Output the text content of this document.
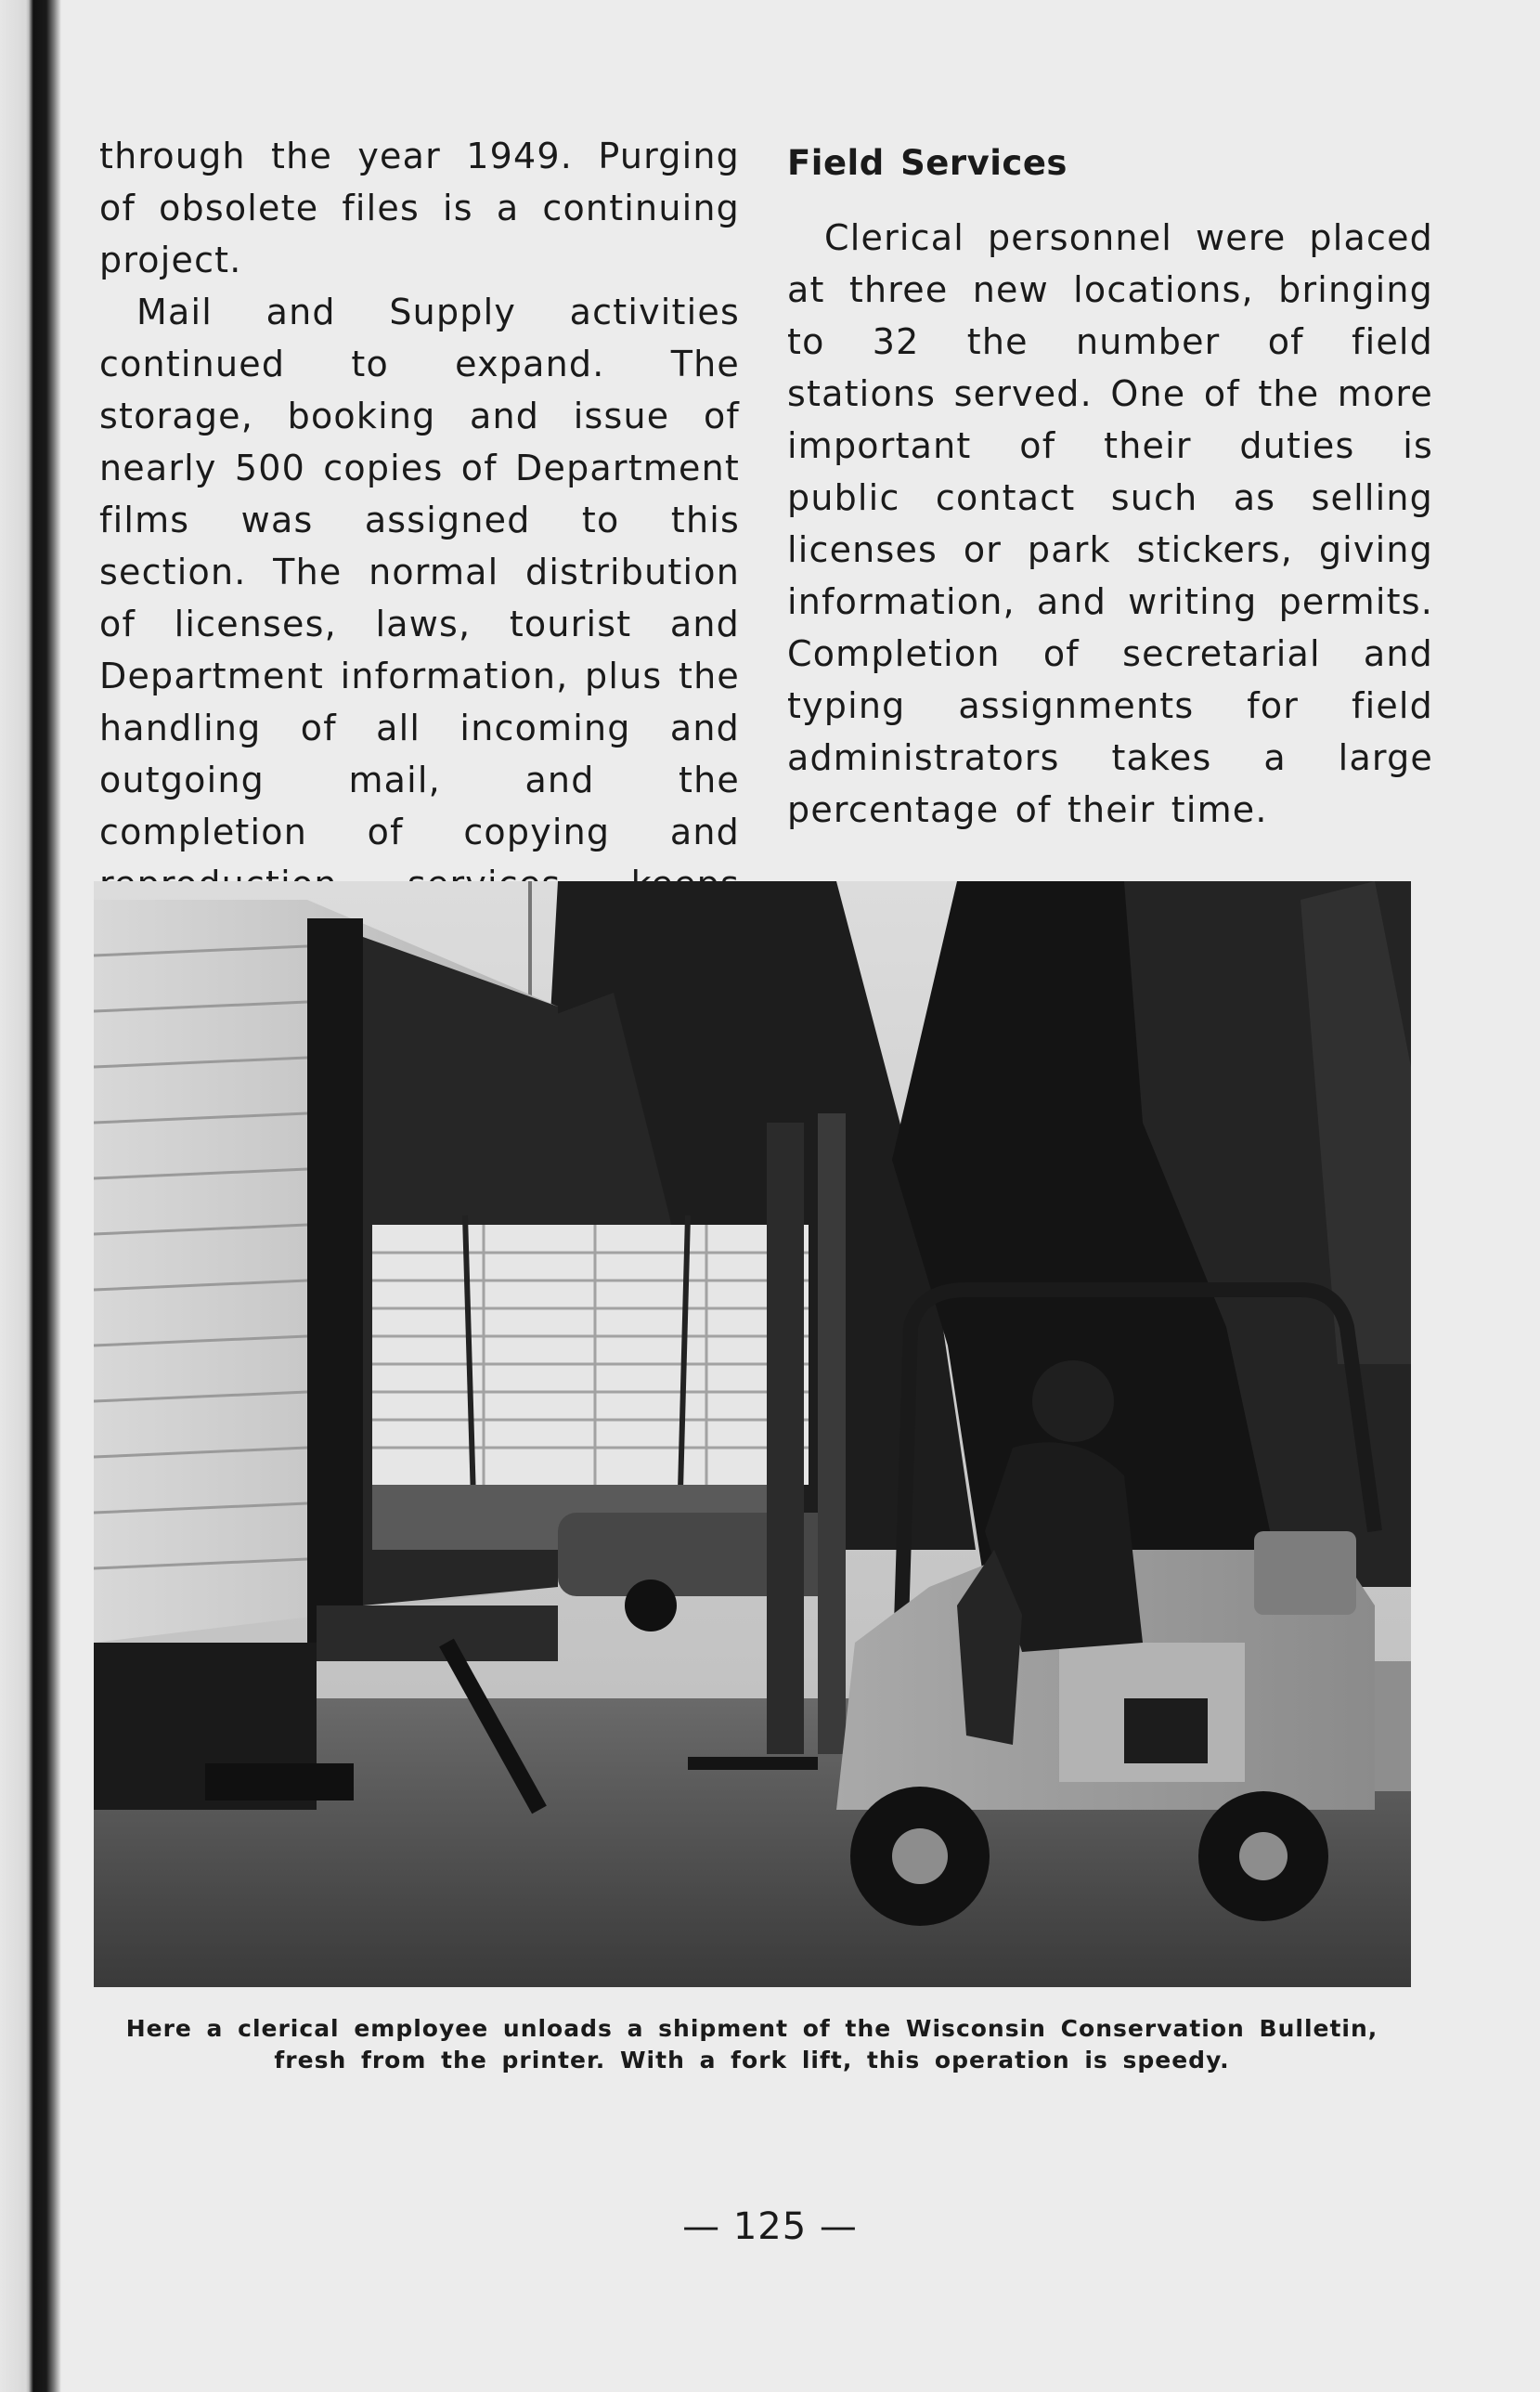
through the year 1949. Purging of obsolete files is a continuing project.

Mail and Supply activities continued to expand. The storage, booking and issue of nearly 500 copies of Department films was assigned to this section. The normal distribution of licenses, laws, tourist and Department information, plus the handling of all incoming and outgoing mail, and the completion of copying and

Field Services

Clerical personnel were placed at three new locations, bringing to 32 the number of field stations served. One of the more important of their duties is public contact such as selling licenses or park stickers, giving information, and writing permits. Completion of secretarial and typing assignments for field administrators takes a large percentage of their time.

Here a clerical employee unloads a shipment of the Wisconsin Conservation Bulletin, fresh from the printer. With a fork lift, this operation is speedy.
— 125 —
